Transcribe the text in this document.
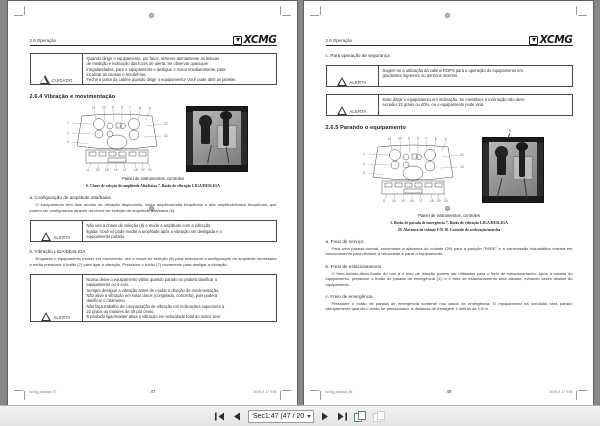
2.6 Operação	XCMG
CUIDADO

Quando dirigir o equipamento, por favor, observe atentamente as leituras

de medição e indicação das luzes de alerta. Se observar quaisquer

irregularidades, pare o equipamento e desligue o motor imediatamente, para

localizar as causas e resolvê-las.

Feche a porta da cabine quando dirigir o equipamento! Você pode abrir as janelas.

2.6.4 Vibração e movimentação
11 10 9 8 7	6	5
1
2
3
12
13
4 14 15 16 17 18 19 20
6	7
Painel de instrumentos, controles
6. Chave de seleção de amplitude Alta/baixa 7. Botão de vibração LIGA/DESLIGA
a. Configuração de amplitude alta/baixa

O equipamento tem dois modos de vibração disponíveis, baixa amplitude/alta frequência e alta amplitude/baixa frequência, que podem ser configurados através da chave de seleção de amplitude alta/baixa (6).

ALERTA

Não vire a chave de seleção (6) e mude a amplitude com a vibração

ligada. Você só pode mudar a amplitude após a vibração ser desligada e o

equipamento parado.

b. Vibração LIGA/DESLIGA

Enquanto o equipamento estiver em movimento, vire a chave de seleção (6) para selecionar a configuração de amplitude necessária e então pressione o botão (7) para ligar a vibração. Pressione o botão (7) novamente para desligar a vibração.

ALERTA

Nunca deixe o equipamento vibrar quando parado ou poderá danificar o

equipamento ou o solo.

Sempre desligue a vibração antes de mudar a direção de movimentação.

Não ative a vibração em solos duros (congelado, concreto), pois poderá

danificar o rolamento.

Não faça trabalho de compactação de vibração em inclinações superiores a

22 graus ou maiores de 40 por cento.

É proibido ligar/manter ativa a vibração em velocidade total do motor sem

xcmg_manual_47	47	2019-9-17 9:00
2.6 Operação	XCMG
c. Para operação de segurança
ALERTA

Sugere-se a utilização da cabine ROPS para a operação do equipamento em

gradientes íngremes ou terrenos incertos.

ALERTA

Evite dirigir o equipamento em inclinação. Se inevitável, a inclinação não deve

exceder 22 graus ou 40%, ou o equipamento pode virar.

2.6.5 Parando o equipamento
11 10 9 8 7	6	5
1
2
3
12
13
4 14 15 16 17 18 19 20
9
29	30
Painel de instrumentos, controles
1. Botão de parada de emergência 7. Botão de vibração LIGA/DESLIGA
29. Alavanca do volante F/R 30. Controle de aceleração/marcha
a. Freio de serviço

Para uma parada normal, movimente a alavanca do volante (29) para a posição "PARE" e a transmissão hidrostática entrará em funcionamento para diminuir a velocidade e parar o equipamento.

b. Freio de estacionamento

O freio-rodado-disco-fixado do rolo e o eixo de direção podem ser utilizados para o freio de estacionamento. Após a parada do equipamento, pressione o botão de parada de emergência (1), e o freio de estacionamento será ativado, evitando assim deslize do equipamento.

c. Freio de emergência

Pressione o botão de parada de emergência somente nos casos de emergência. O equipamento na condição será parado abruptamente quando o botão for pressionado. A distância de frenagem 4 metros de 1,5 m.

xcmg_manual_48	48	2019-9-17 9:00
Sec1:47 (47 / 20
